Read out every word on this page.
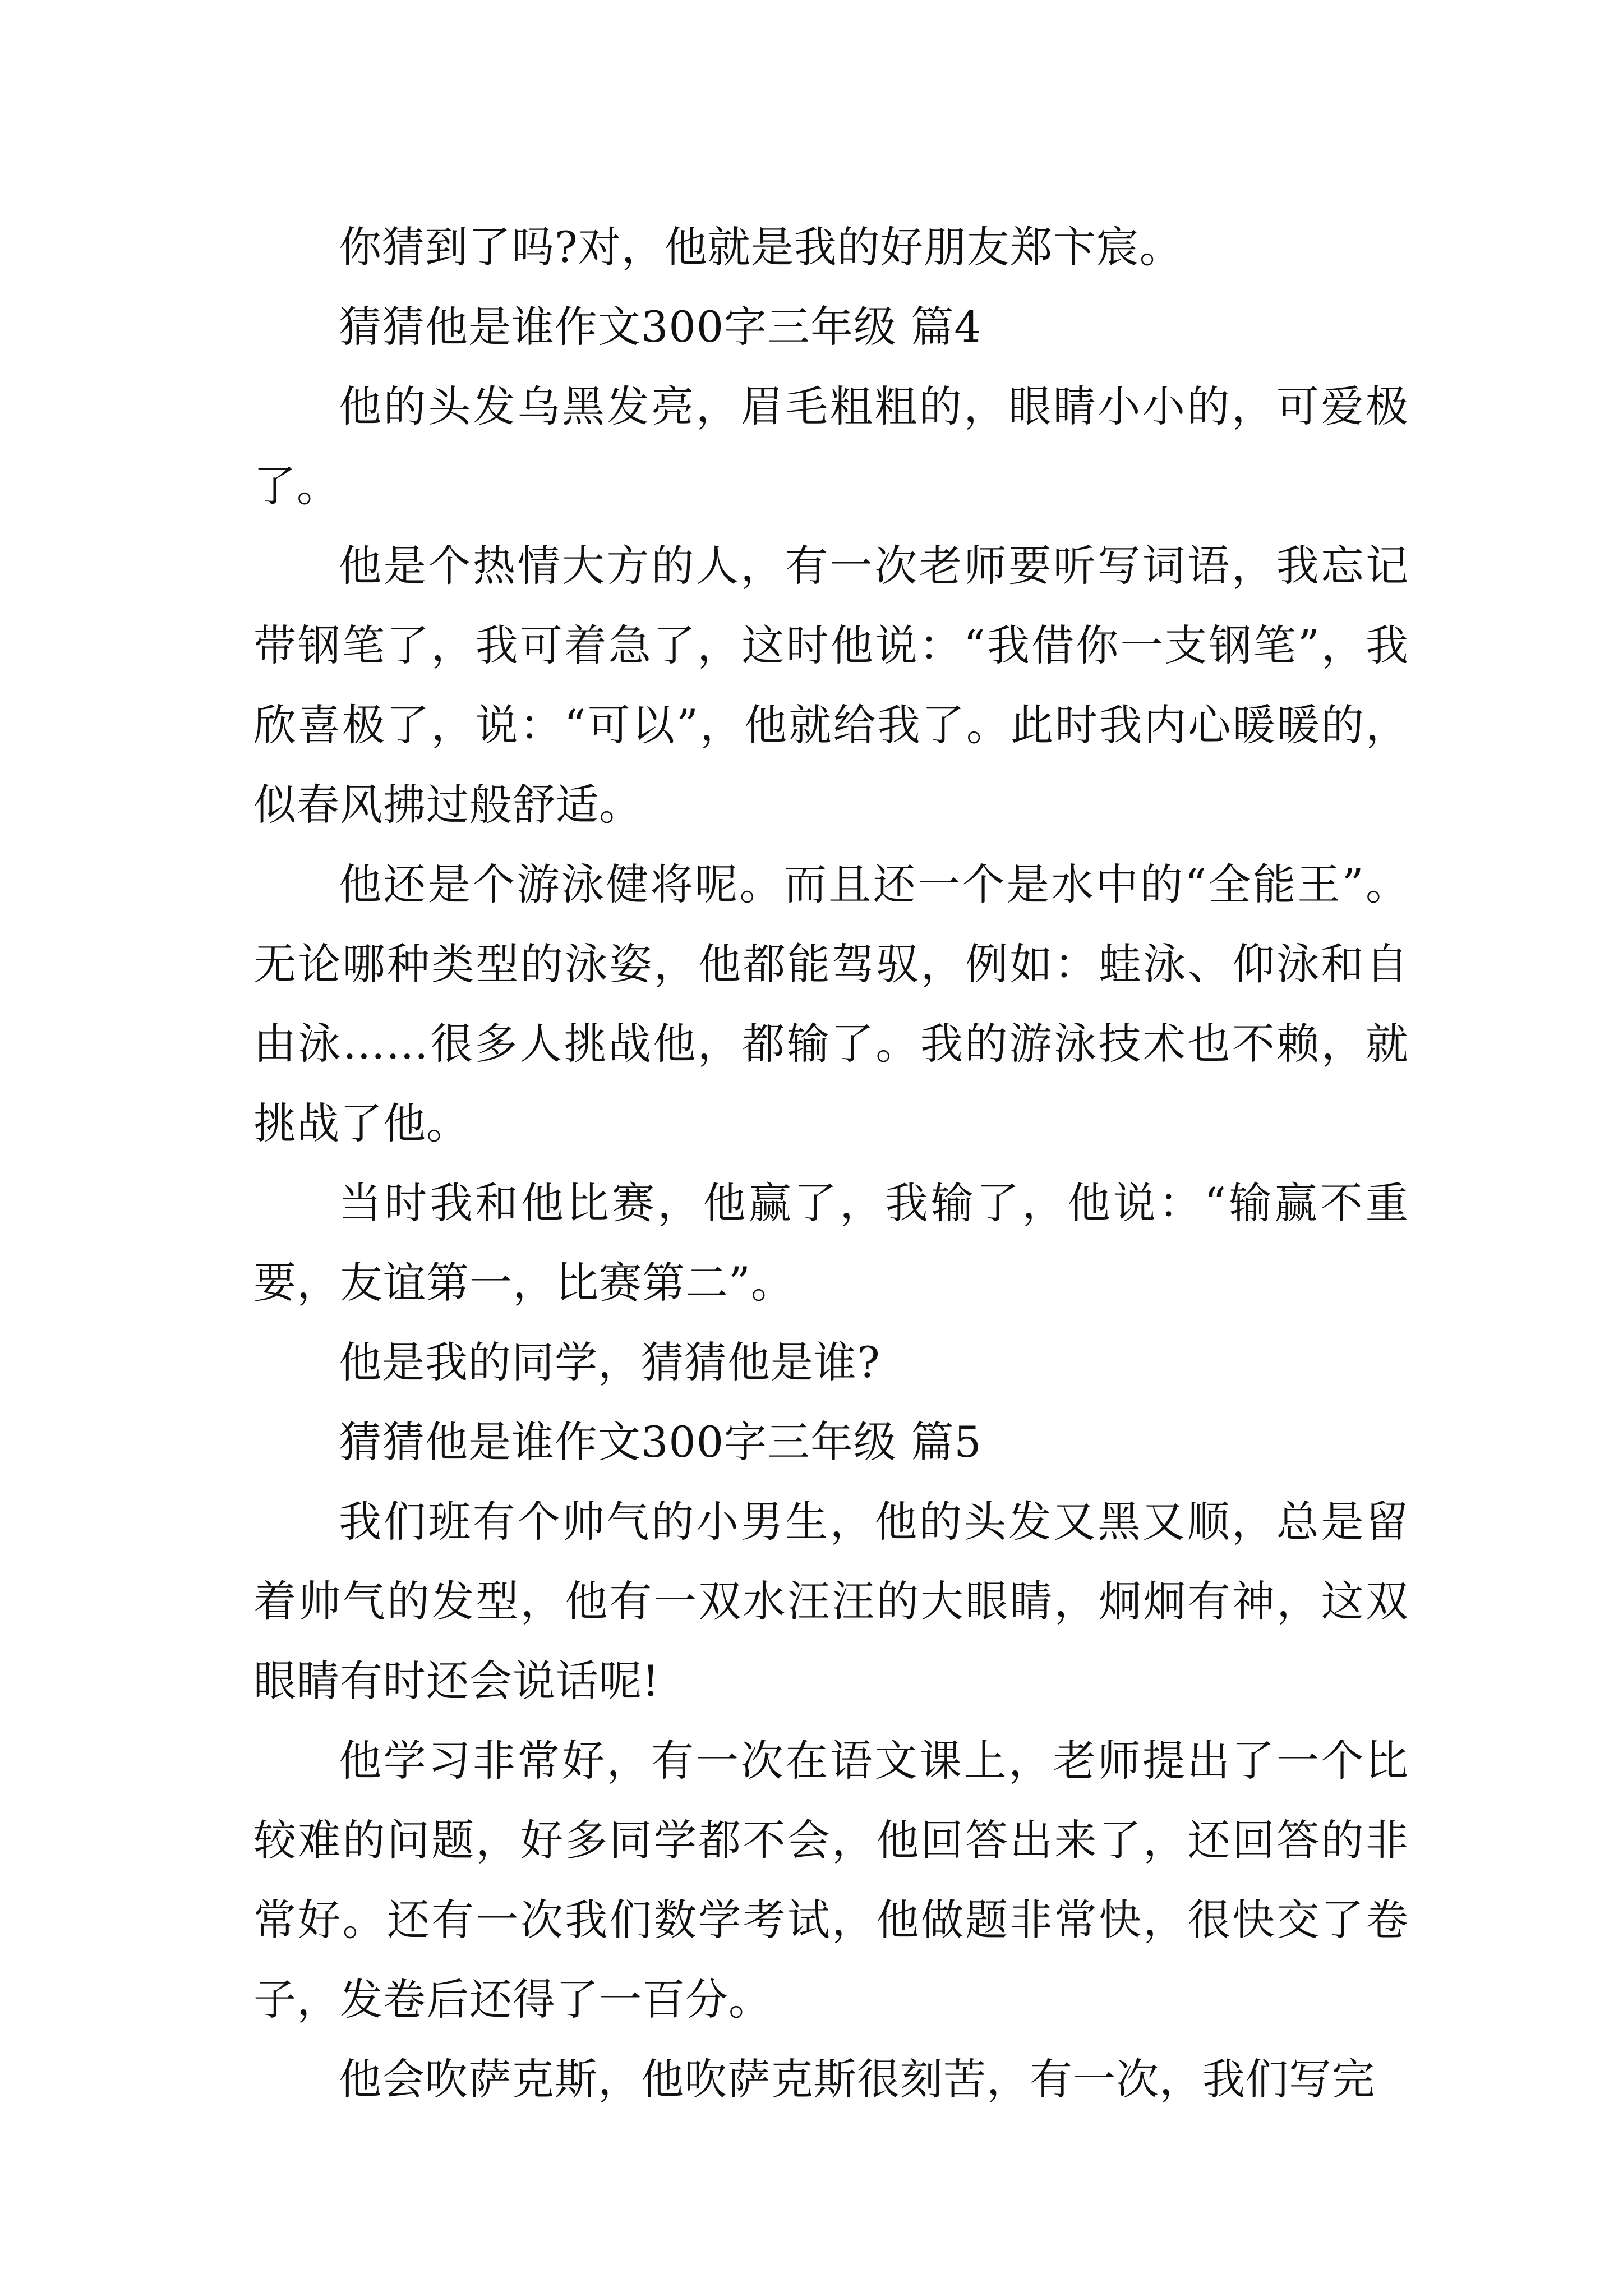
你猜到了吗?对，他就是我的好朋友郑卞宸。

猜猜他是谁作文300字三年级 篇4

他的头发乌黑发亮，眉毛粗粗的，眼睛小小的，可爱极了。

他是个热情大方的人，有一次老师要听写词语，我忘记带钢笔了，我可着急了，这时他说：“我借你一支钢笔”，我欣喜极了，说：“可以”，他就给我了。此时我内心暖暖的，似春风拂过般舒适。

他还是个游泳健将呢。而且还一个是水中的“全能王”。无论哪种类型的泳姿，他都能驾驭，例如：蛙泳、仰泳和自由泳……很多人挑战他，都输了。我的游泳技术也不赖，就挑战了他。

当时我和他比赛，他赢了，我输了，他说：“输赢不重要，友谊第一，比赛第二”。

他是我的同学，猜猜他是谁?

猜猜他是谁作文300字三年级 篇5

我们班有个帅气的小男生，他的头发又黑又顺，总是留着帅气的发型，他有一双水汪汪的大眼睛，炯炯有神，这双眼睛有时还会说话呢!

他学习非常好，有一次在语文课上，老师提出了一个比较难的问题，好多同学都不会，他回答出来了，还回答的非常好。还有一次我们数学考试，他做题非常快，很快交了卷子，发卷后还得了一百分。

他会吹萨克斯，他吹萨克斯很刻苦，有一次，我们写完
